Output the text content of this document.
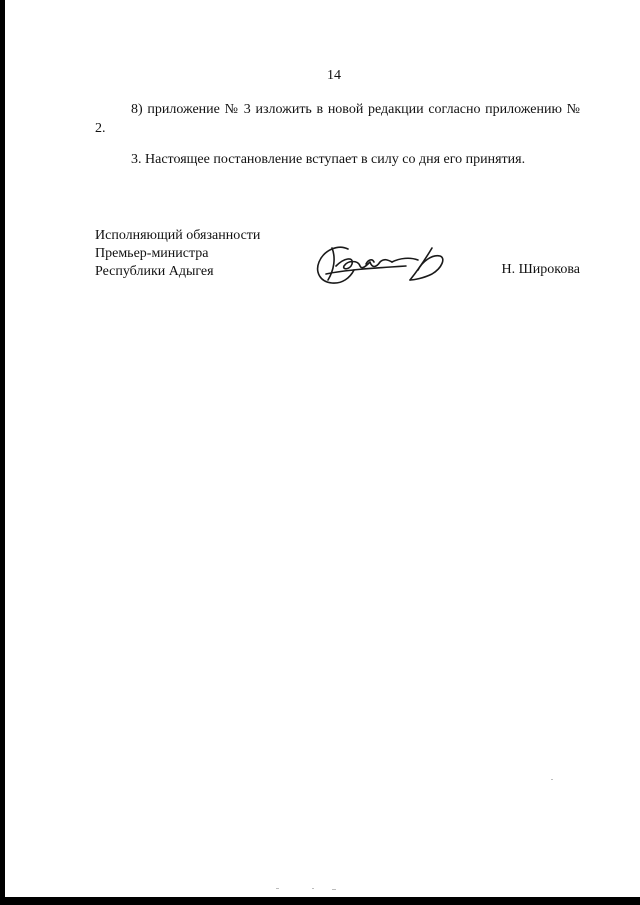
14
8) приложение № 3 изложить в новой редакции согласно приложению № 2.
3. Настоящее постановление вступает в силу со дня его принятия.
Исполняющий обязанности
Премьер-министра
Республики Адыгея	Н. Широкова
